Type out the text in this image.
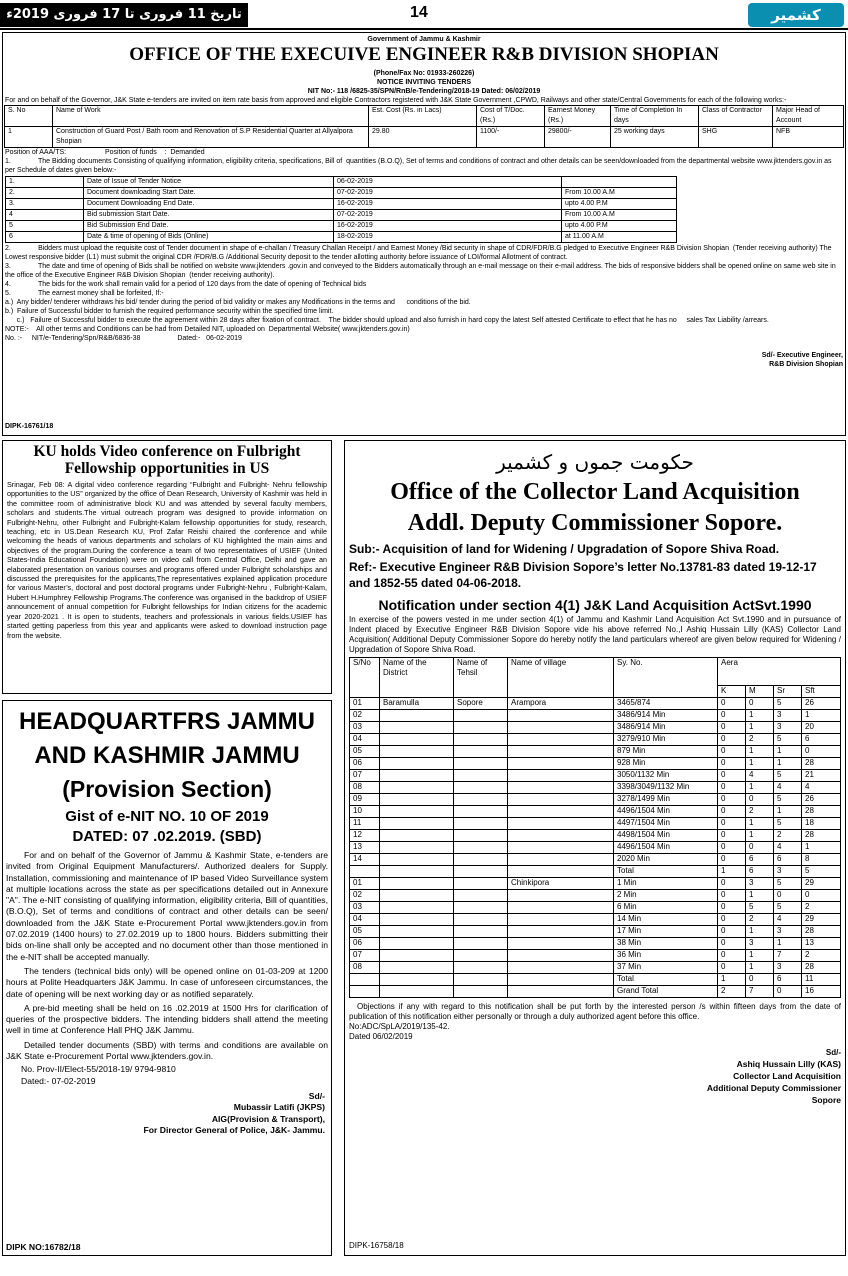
تاریخ 11 فروری تا 17 فروری 2019ء	14	کشمیر
Government of Jammu & Kashmir
OFFICE OF THE EXECUIVE ENGINEER R&B DIVISION SHOPIAN
(Phone/Fax No: 01933-260226)
NOTICE INVITING TENDERS
NIT No:- 118 /6825-35/SPN/RnB/e-Tendering/2018-19 Dated: 06/02/2019
For and on behalf of the Governor, J&K State e-tenders are invited on item rate basis from approved and eligible Contractors registered with J&K State Government ,CPWD, Railways and other state/Central Governments for each of the following works:-
S. No	Name of Work	Est. Cost (Rs. in Lacs)	Cost of T/Doc. (Rs.)	Earnest Money (Rs.)	Time of Completion In days	Class of Contractor	Major Head of Account
1	Construction of Guard Post / Bath room and Renovation of S.P Residential Quarter at Allyalpora Shopian	29.80	1100/-	29800/-	25 working days	SHG	NFB
Position of AAA/TS:                    Position of funds    :  Demanded
1.              The Bidding documents Consisting of qualifying information, eligibility criteria, specifications, Bill of  quantities (B.O.Q), Set of terms and conditions of contract and other details can be seen/downloaded from the departmental website www.jktenders.gov.in as per Schedule of dates given below:-
1.	Date of Issue of Tender Notice	06-02-2019	
2.	Document downloading Start Date.	07-02-2019	From 10.00 A.M
3.	Document Downloading End Date.	16-02-2019	upto 4.00 P.M
4	Bid submission Start Date.	07-02-2019	From 10.00 A.M
5	Bid Submission End Date.	16-02-2019	upto 4.00 P.M
6	Date & time of opening of Bids (Online)	18-02-2019	at 11.00 A.M
2.              Bidders must upload the requisite cost of Tender document in shape of e-challan / Treasury Challan Receipt / and Earnest Money /Bid security in shape of CDR/FDR/B.G pledged to Executive Engineer R&B Division Shopian  (Tender receiving authority) The Lowest responsive bidder (L1) must submit the original CDR /FDR/B.G /Additional Security deposit to the tender allotting authority before issuance of LOI/formal Allotment of contract.
3.              The date and time of opening of Bids shall be notified on website www.jktenders .gov.in and conveyed to the Bidders automatically through an e-mail message on their e-mail address. The bids of responsive bidders shall be opened online on same web site in the office of the Executive Engineer R&B Division Shopian  (tender receiving authority).
4.              The bids for the work shall remain valid for a period of 120 days from the date of opening of Technical bids
5.              The earnest money shall be forfeited, If:-
a.)  Any bidder/ tenderer withdraws his bid/ tender during the period of bid validity or makes any Modifications in the terms and      conditions of the bid.
b.)  Failure of Successful bidder to furnish the required performance security within the specified time limit.
c.)   Failure of Successful bidder to execute the agreement within 28 days after fixation of contract.    The bidder should upload and also furnish in hard copy the latest Self attested Certificate to effect that he has no     sales Tax Liability /arrears.
NOTE:-    All other terms and Conditions can be had from Detailed NIT, uploaded on  Departmental Website( www.jktenders.gov.in)
No. :-     NIT/e-Tendering/Spn/R&B/6836-38                   Dated:-   06-02-2019
Sd/- Executive Engineer,
R&B Division Shopian
DIPK-16761/18
KU holds Video conference on Fulbright Fellowship opportunities in US
Srinagar, Feb 08: A digital video conference regarding “Fulbright and Fulbright- Nehru fellowship opportunities to the US” organized by the office of Dean Research, University of Kashmir was held in the committee room of administrative block KU and was attended by several faculty members, scholars and students.The virtual outreach program was designed to provide information on Fulbright-Nehru, other Fulbright and Fulbright-Kalam fellowship opportunities for study, research, teaching, etc in US.Dean Research KU, Prof Zafar Reishi chaired the conference and while welcoming the heads of various departments and scholars of KU highlighted the main aims and objectives of the program.During the conference a team of two representatives of USIEF (United States-India Educational Foundation) were on video call from Central Office, Delhi and gave an elaborated presentation on various courses and programs offered under Fulbright scholarships and discussed the prerequisites for the applicants,The representatives explained application procedure for various Master’s, doctoral and post doctoral programs under Fulbright-Nehru , Fulbright-Kalam, Hubert H.Humphrey Fellowship Programs.The conference was organised in the backdrop of USIEF announcement of annual competition for Fulbright fellowships for Indian citizens for the academic year 2020-2021 . It is open to students, teachers and professionals in various fields.USIEF has started getting paperless from this year and applicants were asked to download instruction page from the website.
HEADQUARTFRS JAMMU
AND KASHMIR JAMMU
(Provision Section)
Gist of e-NIT NO. 10 OF 2019
DATED: 07 .02.2019. (SBD)
For and on behalf of the Governor of Jammu & Kashmir State, e-tenders are invited from Original Equipment Manufacturers/. Authorized dealers for Supply. Installation, commissioning and maintenance of IP based Video Surveillance system at multiple locations across the state as per specifications detailed out in Annexure "A". The e-NIT consisting of qualifying information, eligibility criteria, Bill of quantities, (B.O.Q), Set of terms and conditions of contract and other details can be seen/ downloaded from the J&K State e-Procurement Portal www.jktenders.gov.in from 07.02.2019 (1400 hours) to 27.02.2019 up to 1800 hours. Bidders submitting their bids on-line shall only be accepted and no document other than those mentioned in the e-NIT shall be accepted manually.
The tenders (technical bids only) will be opened online on 01-03-209 at 1200 hours at Polite Headquarters J&K Jammu. In case of unforeseen circumstances, the date of opening will be next working day or as notified separately.
A pre-bid meeting shall be held on 16 .02.2019 at 1500 Hrs for clarification of queries of the prospective bidders. The intending bidders shall attend the meeting well in time at Conference Hall PHQ J&K Jammu.
Detailed tender documents (SBD) with terms and conditions are available on J&K State e-Procurement Portal www.jktenders.gov.in.
No. Prov-II/Elect-55/2018-19/ 9794-9810
Dated:- 07-02-2019
Sd/-
Mubassir Latifi (JKPS)
AIG(Provision & Transport),
For Director General of Police, J&K- Jammu.
DIPK NO:16782/18
حکومت جموں و کشمیر
Office of the Collector Land Acquisition
Addl. Deputy Commissioner Sopore.
Sub:- Acquisition of land for Widening / Upgradation of Sopore Shiva Road.
Ref:- Executive Engineer R&B Division Sopore’s letter No.13781-83 dated 19-12-17 and 1852-55 dated 04-06-2018.
Notification under section 4(1) J&K Land Acquisition ActSvt.1990
In exercise of the powers vested in me under section 4(1) of Jammu and Kashmir Land Acquisition Act Svt.1990 and in pursuance of Indent placed by Executive Engineer R&B Division Sopore vide his above referred No.,I Ashiq Hussain Lilly (KAS) Collector Land Acquisition( Additional Deputy Commissioner Sopore do hereby notify the land particulars whereof are given below required for Widening / Upgradation of Sopore Shiva Road.
S/No	Name of the District	Name of Tehsil	Name of village	Sy. No.	Aera			
					K	M	Sr	Sft
01	Baramulla	Sopore	Arampora	3465/874	0	0	5	26
02				3486/914 Min	0	1	3	1
03				3486/914 Min	0	1	3	20
04				3279/910 Min	0	2	5	6
05				879 Min	0	1	1	0
06				928 Min	0	1	1	28
07				3050/1132 Min	0	4	5	21
08				3398/3049/1132 Min	0	1	4	4
09				3278/1499 Min	0	0	5	26
10				4496/1504 Min	0	2	1	28
11				4497/1504 Min	0	1	5	18
12				4498/1504 Min	0	1	2	28
13				4496/1504 Min	0	0	4	1
14				2020 Min	0	6	6	8
				Total	1	6	3	5
01			Chinkipora	1 Min	0	3	5	29
02				2 Min	0	1	0	0
03				6 Min	0	5	5	2
04				14 Min	0	2	4	29
05				17 Min	0	1	3	28
06				38 Min	0	3	1	13
07				36 Min	0	1	7	2
08				37 Min	0	1	3	28
				Total	1	0	6	11
				Grand Total	2	7	0	16
Objections if any with regard to this notification shall be put forth by the interested person /s within fifteen days from the date of publication of this notification either personally or through a duly authorized agent before this office.
No:ADC/SpLA/2019/135-42.
Dated 06/02/2019
Sd/-
Ashiq Hussain Lilly (KAS)
Collector Land Acquisition
Additional Deputy Commissioner
Sopore
DIPK-16758/18
